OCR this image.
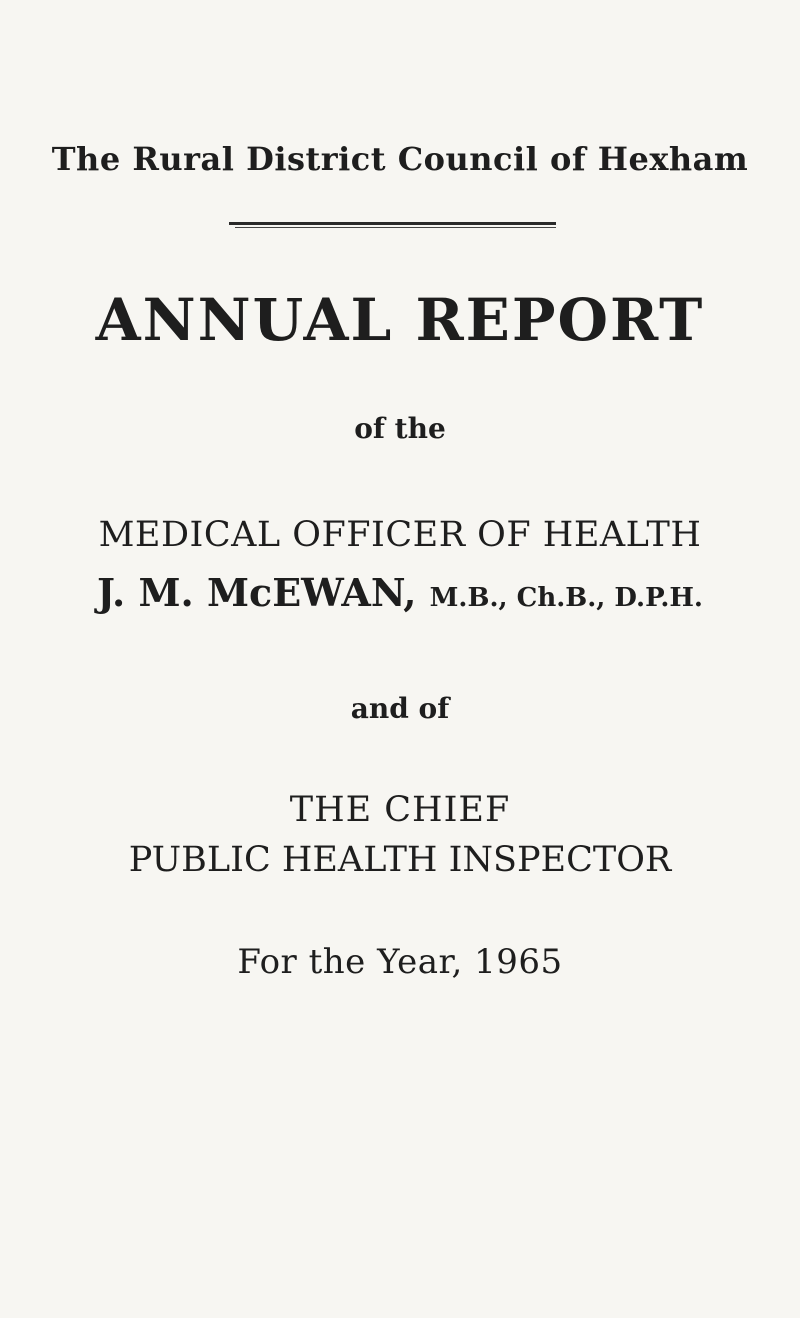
The Rural District Council of Hexham

ANNUAL REPORT

of the

MEDICAL OFFICER OF HEALTH

J. M. McEWAN, M.B., Ch.B., D.P.H.

and of

THE CHIEF

PUBLIC HEALTH INSPECTOR

For the Year, 1965
